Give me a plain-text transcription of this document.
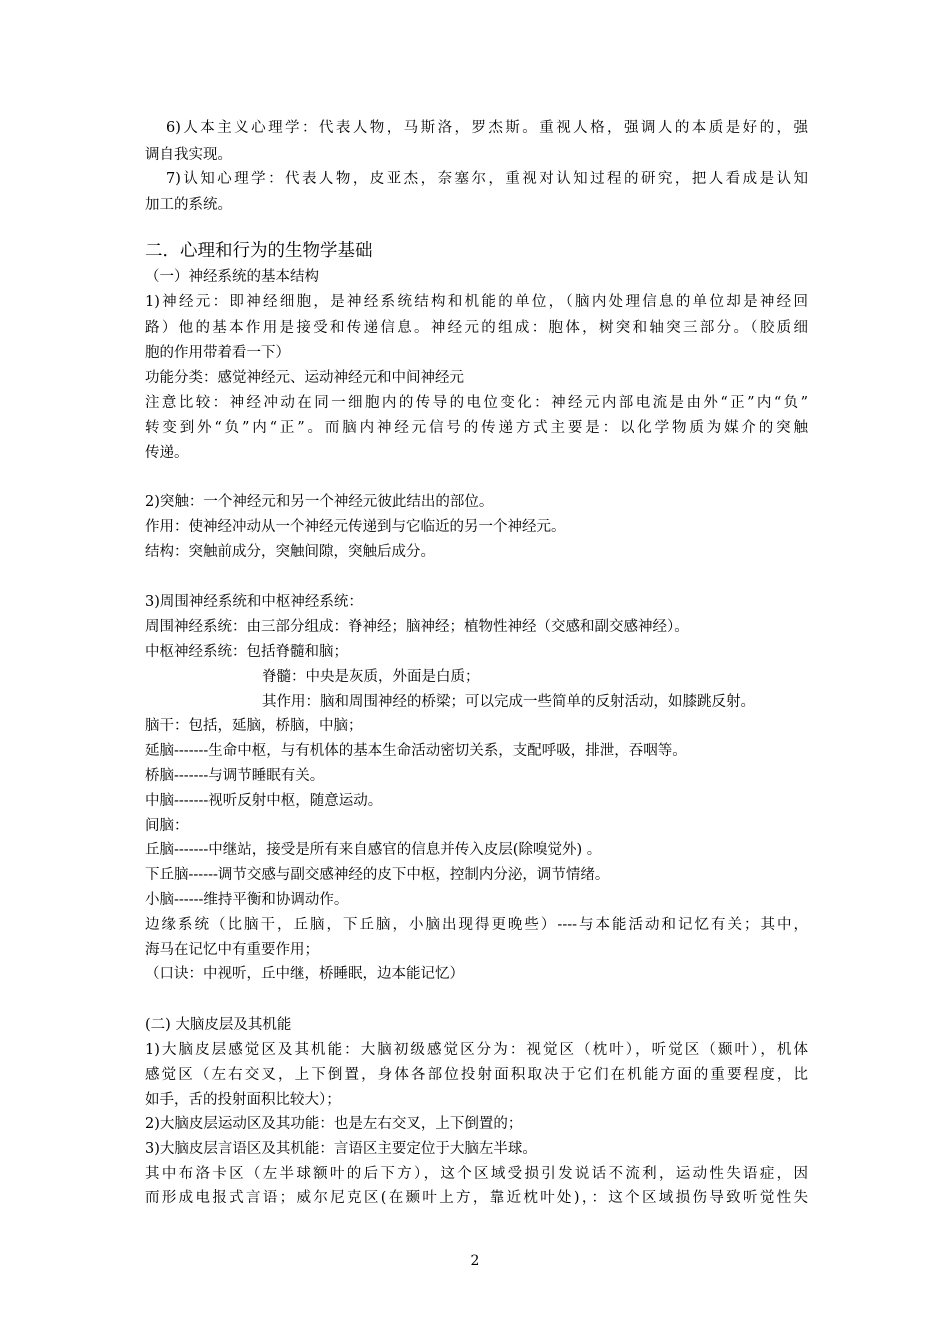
6)人本主义心理学：代表人物，马斯洛，罗杰斯。重视人格，强调人的本质是好的，强
调自我实现。
7)认知心理学：代表人物，皮亚杰，奈塞尔，重视对认知过程的研究，把人看成是认知
加工的系统。
二．心理和行为的生物学基础
（一）神经系统的基本结构
1)神经元：即神经细胞，是神经系统结构和机能的单位，（脑内处理信息的单位却是神经回
路）他的基本作用是接受和传递信息。神经元的组成：胞体，树突和轴突三部分。（胶质细
胞的作用带着看一下）
功能分类：感觉神经元、运动神经元和中间神经元
注意比较：神经冲动在同一细胞内的传导的电位变化：神经元内部电流是由外“正”内“负”
转变到外“负”内“正”。而脑内神经元信号的传递方式主要是：以化学物质为媒介的突触
传递。
2)突触：一个神经元和另一个神经元彼此结出的部位。
作用：使神经冲动从一个神经元传递到与它临近的另一个神经元。
结构：突触前成分，突触间隙，突触后成分。
3)周围神经系统和中枢神经系统：
周围神经系统：由三部分组成：脊神经；脑神经；植物性神经（交感和副交感神经）。
中枢神经系统：包括脊髓和脑；
脊髓：中央是灰质，外面是白质；
其作用：脑和周围神经的桥梁；可以完成一些简单的反射活动，如膝跳反射。
脑干：包括，延脑，桥脑，中脑；
延脑-------生命中枢，与有机体的基本生命活动密切关系，支配呼吸，排泄，吞咽等。
桥脑-------与调节睡眠有关。
中脑-------视听反射中枢，随意运动。
间脑：
丘脑-------中继站，接受是所有来自感官的信息并传入皮层(除嗅觉外) 。
下丘脑------调节交感与副交感神经的皮下中枢，控制内分泌，调节情绪。
小脑------维持平衡和协调动作。
边缘系统（比脑干，丘脑，下丘脑，小脑出现得更晚些）----与本能活动和记忆有关；其中，
海马在记忆中有重要作用；
（口诀：中视听，丘中继，桥睡眠，边本能记忆）
(二) 大脑皮层及其机能
1)大脑皮层感觉区及其机能：大脑初级感觉区分为：视觉区（枕叶），听觉区（颞叶），机体
感觉区（左右交叉，上下倒置，身体各部位投射面积取决于它们在机能方面的重要程度，比
如手，舌的投射面积比较大）；
2)大脑皮层运动区及其功能：也是左右交叉，上下倒置的；
3)大脑皮层言语区及其机能：言语区主要定位于大脑左半球。
其中布洛卡区（左半球额叶的后下方），这个区域受损引发说话不流利，运动性失语症，因
而形成电报式言语；威尔尼克区(在颞叶上方，靠近枕叶处)，：这个区域损伤导致听觉性失
2
